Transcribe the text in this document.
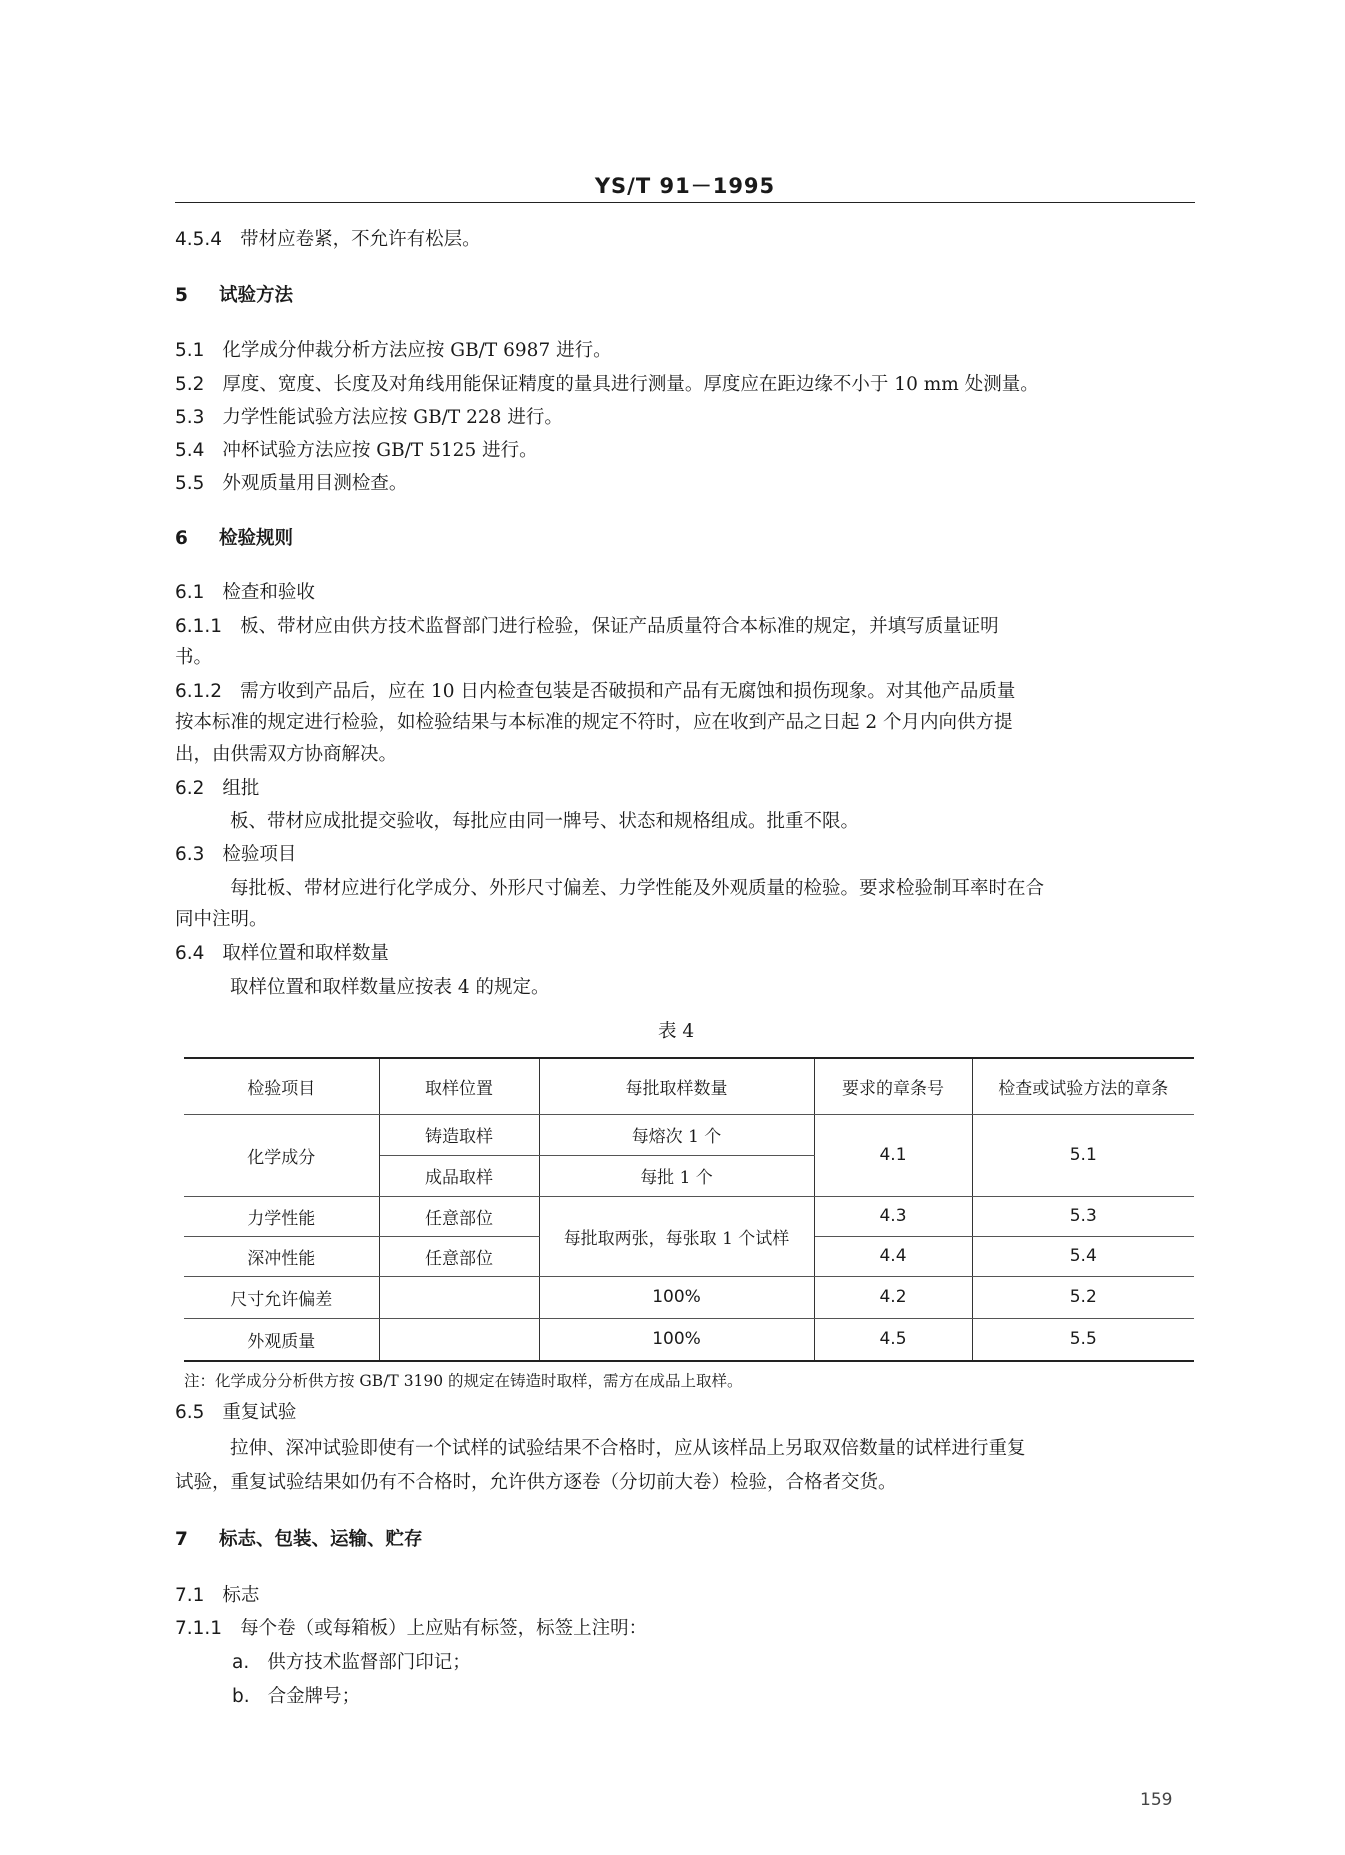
YS/T 91－1995
4.5.4 带材应卷紧，不允许有松层。
5 试验方法
5.1 化学成分仲裁分析方法应按 GB/T 6987 进行。
5.2 厚度、宽度、长度及对角线用能保证精度的量具进行测量。厚度应在距边缘不小于 10 mm 处测量。
5.3 力学性能试验方法应按 GB/T 228 进行。
5.4 冲杯试验方法应按 GB/T 5125 进行。
5.5 外观质量用目测检查。
6 检验规则
6.1 检查和验收
6.1.1 板、带材应由供方技术监督部门进行检验，保证产品质量符合本标准的规定，并填写质量证明
书。
6.1.2 需方收到产品后，应在 10 日内检查包装是否破损和产品有无腐蚀和损伤现象。对其他产品质量
按本标准的规定进行检验，如检验结果与本标准的规定不符时，应在收到产品之日起 2 个月内向供方提
出，由供需双方协商解决。
6.2 组批
板、带材应成批提交验收，每批应由同一牌号、状态和规格组成。批重不限。
6.3 检验项目
每批板、带材应进行化学成分、外形尺寸偏差、力学性能及外观质量的检验。要求检验制耳率时在合
同中注明。
6.4 取样位置和取样数量
取样位置和取样数量应按表 4 的规定。
表 4
检验项目	取样位置	每批取样数量	要求的章条号	检查或试验方法的章条
化学成分	铸造取样	每熔次 1 个	4.1	5.1
	成品取样	每批 1 个		
力学性能	任意部位	每批取两张，每张取 1 个试样	4.3	5.3
深冲性能	任意部位		4.4	5.4
尺寸允许偏差		100%	4.2	5.2
外观质量		100%	4.5	5.5
注：化学成分分析供方按 GB/T 3190 的规定在铸造时取样，需方在成品上取样。
6.5 重复试验
拉伸、深冲试验即使有一个试样的试验结果不合格时，应从该样品上另取双倍数量的试样进行重复
试验，重复试验结果如仍有不合格时，允许供方逐卷（分切前大卷）检验，合格者交货。
7 标志、包装、运输、贮存
7.1 标志
7.1.1 每个卷（或每箱板）上应贴有标签，标签上注明：
a. 供方技术监督部门印记；
b. 合金牌号；
159
